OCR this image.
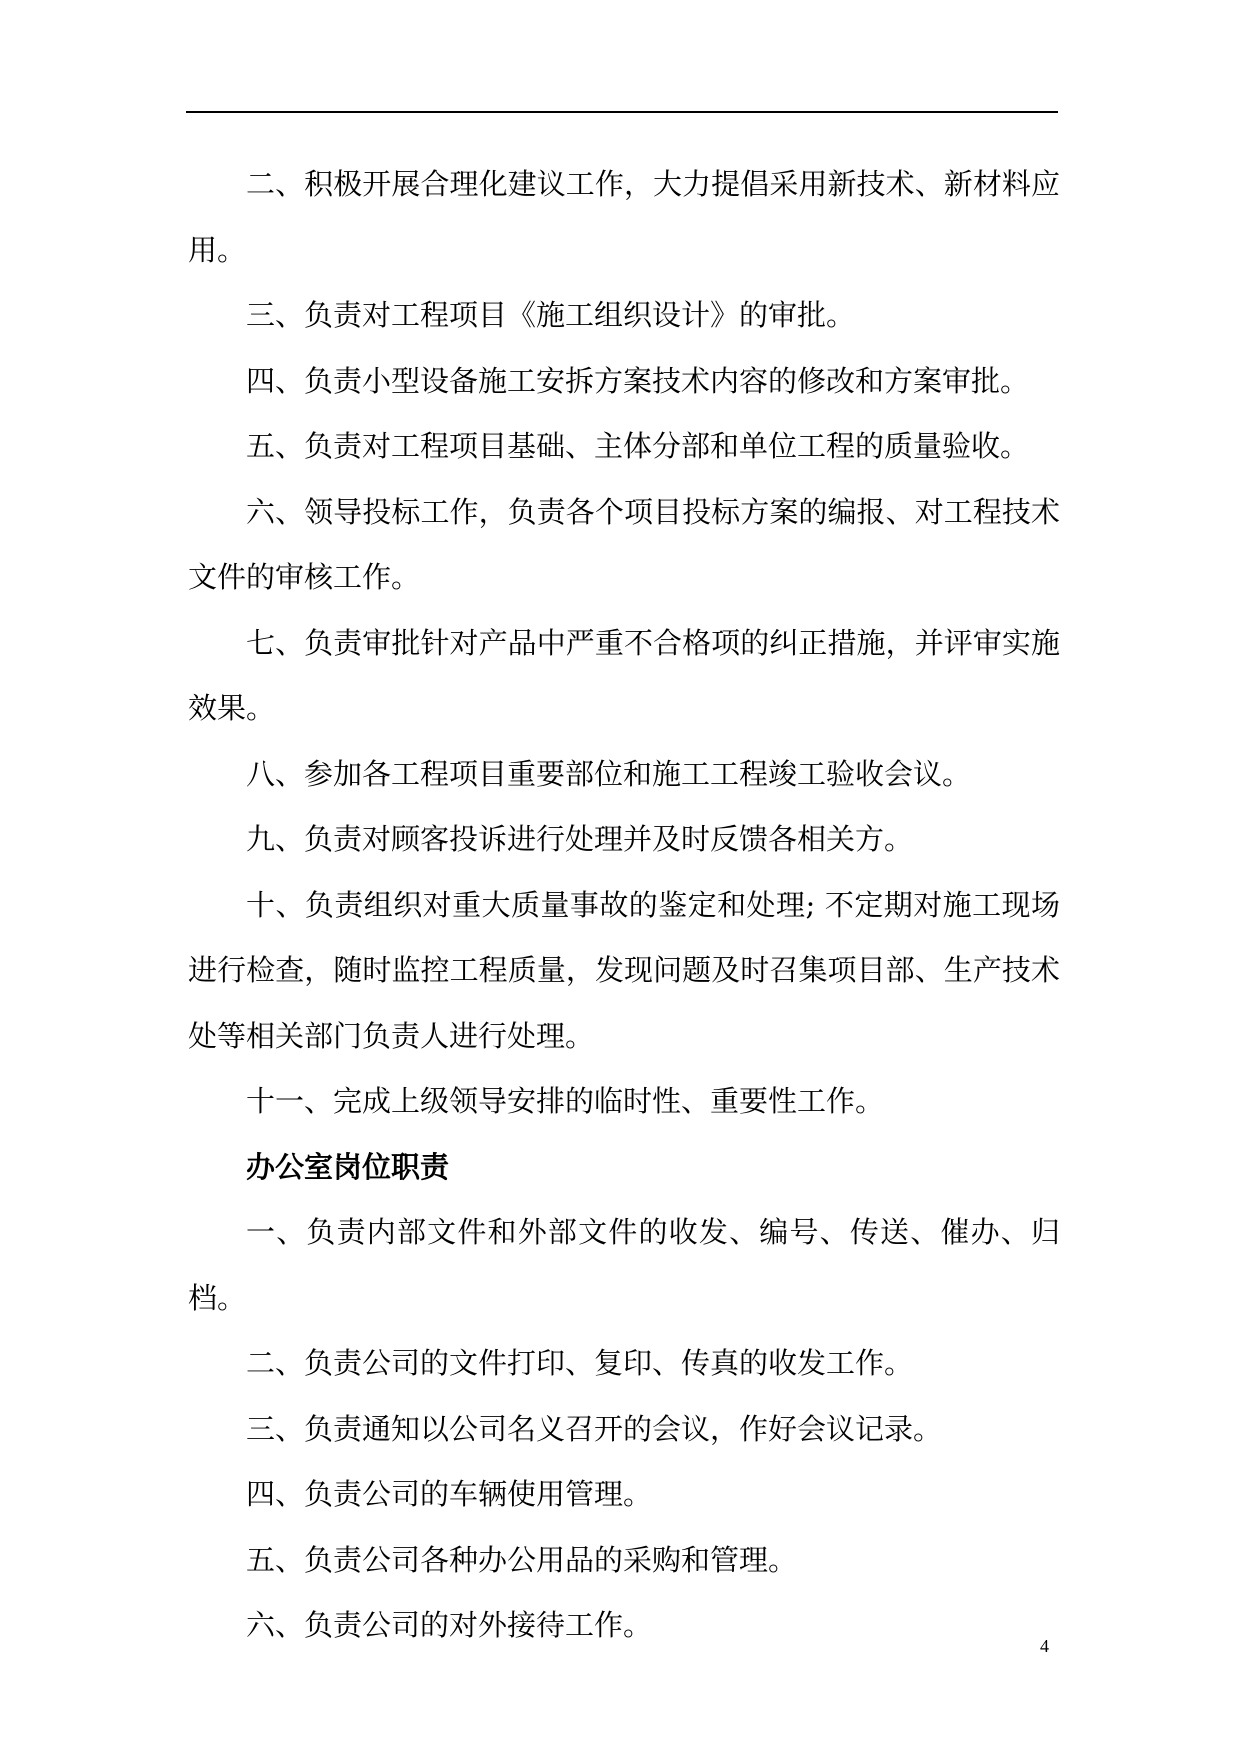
二、积极开展合理化建议工作，大力提倡采用新技术、新材料应用。

三、负责对工程项目《施工组织设计》的审批。

四、负责小型设备施工安拆方案技术内容的修改和方案审批。

五、负责对工程项目基础、主体分部和单位工程的质量验收。

六、领导投标工作，负责各个项目投标方案的编报、对工程技术文件的审核工作。

七、负责审批针对产品中严重不合格项的纠正措施，并评审实施效果。

八、参加各工程项目重要部位和施工工程竣工验收会议。

九、负责对顾客投诉进行处理并及时反馈各相关方。

十、负责组织对重大质量事故的鉴定和处理; 不定期对施工现场进行检查，随时监控工程质量，发现问题及时召集项目部、生产技术处等相关部门负责人进行处理。

十一、完成上级领导安排的临时性、重要性工作。

办公室岗位职责

一、负责内部文件和外部文件的收发、编号、传送、催办、归档。

二、负责公司的文件打印、复印、传真的收发工作。

三、负责通知以公司名义召开的会议，作好会议记录。

四、负责公司的车辆使用管理。

五、负责公司各种办公用品的采购和管理。

六、负责公司的对外接待工作。

4
